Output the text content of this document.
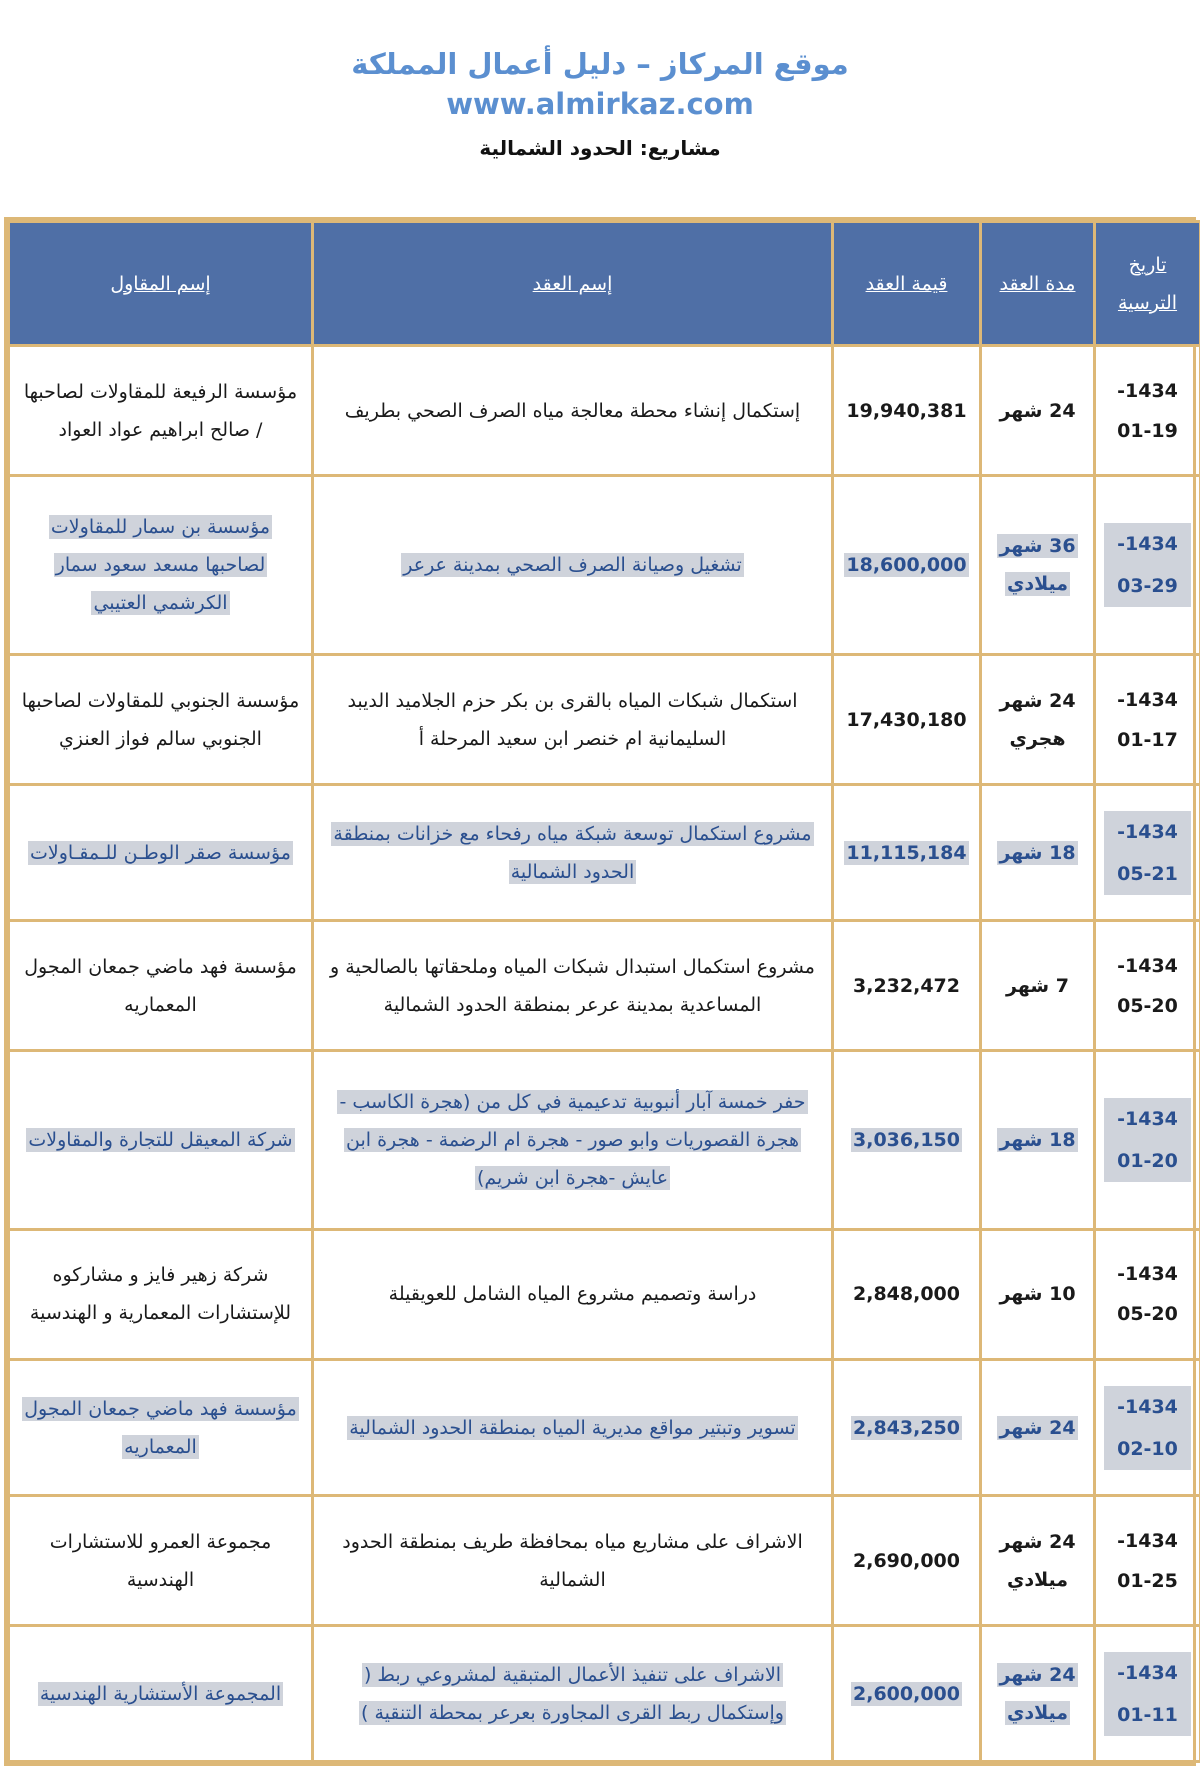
موقع المركاز – دليل أعمال المملكة
www.almirkaz.com
مشاريع: الحدود الشمالية
تاريخ الترسية	مدة العقد	قيمة العقد	إسم العقد	إسم المقاول

1434-
01-19	24 شهر	19,940,381	إستكمال إنشاء محطة معالجة مياه الصرف الصحي بطريف	مؤسسة الرفيعة للمقاولات لصاحبها / صالح ابراهيم عواد العواد

1434-
03-29	36 شهر ميلادي	18,600,000	تشغيل وصيانة الصرف الصحي بمدينة عرعر	مؤسسة بن سمار للمقاولات لصاحبها مسعد سعود سمار الكرشمي العتيبي

1434-
01-17	24 شهر هجري	17,430,180	استكمال شبكات المياه بالقرى بن بكر حزم الجلاميد الديبد السليمانية ام خنصر ابن سعيد المرحلة أ	مؤسسة الجنوبي للمقاولات لصاحبها الجنوبي سالم فواز العنزي

1434-
05-21	18 شهر	11,115,184	مشروع استكمال توسعة شبكة مياه رفحاء مع خزانات بمنطقة الحدود الشمالية	مؤسسة صقر الوطـن للـمقـاولات

1434-
05-20	7 شهر	3,232,472	مشروع استكمال استبدال شبكات المياه وملحقاتها بالصالحية و المساعدية بمدينة عرعر بمنطقة الحدود الشمالية	مؤسسة فهد ماضي جمعان المجول المعماريه

1434-
01-20	18 شهر	3,036,150	حفر خمسة آبار أنبوبية تدعيمية في كل من (هجرة الكاسب - هجرة القصوريات وابو صور - هجرة ام الرضمة - هجرة ابن عايش -هجرة ابن شريم)	شركة المعيقل للتجارة والمقاولات

1434-
05-20	10 شهر	2,848,000	دراسة وتصميم مشروع المياه الشامل للعويقيلة	شركة زهير فايز و مشاركوه للإستشارات المعمارية و الهندسية

1434-
02-10	24 شهر	2,843,250	تسوير وتبتير مواقع مديرية المياه بمنطقة الحدود الشمالية	مؤسسة فهد ماضي جمعان المجول المعماريه

1434-
01-25	24 شهر ميلادي	2,690,000	الاشراف على مشاريع مياه بمحافظة طريف بمنطقة الحدود الشمالية	مجموعة العمرو للاستشارات الهندسية

1434-
01-11	24 شهر ميلادي	2,600,000	الاشراف على تنفيذ الأعمال المتبقية لمشروعي ربط ( وإستكمال ربط القرى المجاورة بعرعر بمحطة التنقية )	المجموعة الأستشارية الهندسية
